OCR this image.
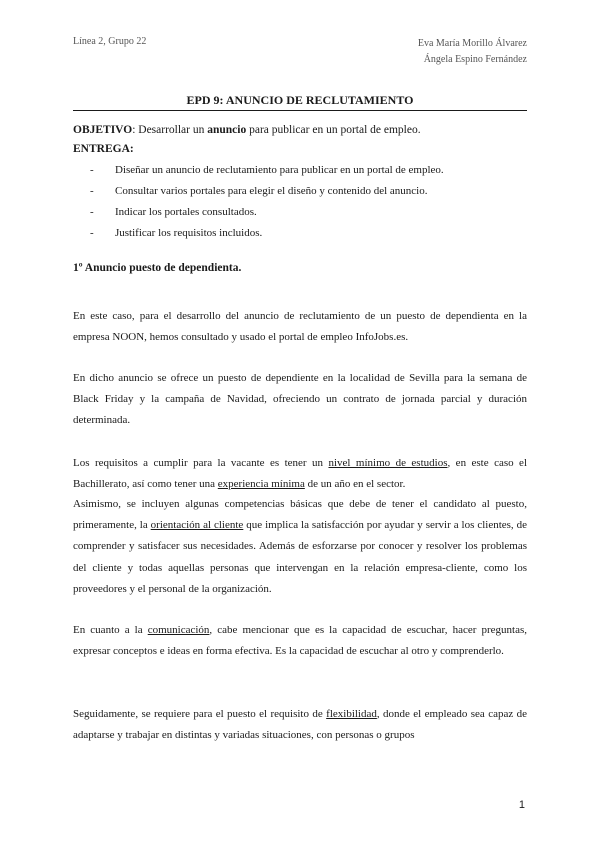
Línea 2, Grupo 22	Eva María Morillo Álvarez
Ángela Espino Fernández
EPD 9: ANUNCIO DE RECLUTAMIENTO
OBJETIVO: Desarrollar un anuncio para publicar en un portal de empleo.
ENTREGA:
- Diseñar un anuncio de reclutamiento para publicar en un portal de empleo.
- Consultar varios portales para elegir el diseño y contenido del anuncio.
- Indicar los portales consultados.
- Justificar los requisitos incluidos.
1º Anuncio puesto de dependienta.

En este caso, para el desarrollo del anuncio de reclutamiento de un puesto de dependienta en la empresa NOON, hemos consultado y usado el portal de empleo InfoJobs.es.

En dicho anuncio se ofrece un puesto de dependiente en la localidad de Sevilla para la semana de Black Friday y la campaña de Navidad, ofreciendo un contrato de jornada parcial y duración determinada.

Los requisitos a cumplir para la vacante es tener un nivel mínimo de estudios, en este caso el Bachillerato, así como tener una experiencia mínima de un año en el sector.

Asimismo, se incluyen algunas competencias básicas que debe de tener el candidato al puesto, primeramente, la orientación al cliente que implica la satisfacción por ayudar y servir a los clientes, de comprender y satisfacer sus necesidades. Además de esforzarse por conocer y resolver los problemas del cliente y todas aquellas personas que intervengan en la relación empresa-cliente, como los proveedores y el personal de la organización.

En cuanto a la comunicación, cabe mencionar que es la capacidad de escuchar, hacer preguntas, expresar conceptos e ideas en forma efectiva. Es la capacidad de escuchar al otro y comprenderlo.

Seguidamente, se requiere para el puesto el requisito de flexibilidad, donde el empleado sea capaz de adaptarse y trabajar en distintas y variadas situaciones, con personas o grupos

1
